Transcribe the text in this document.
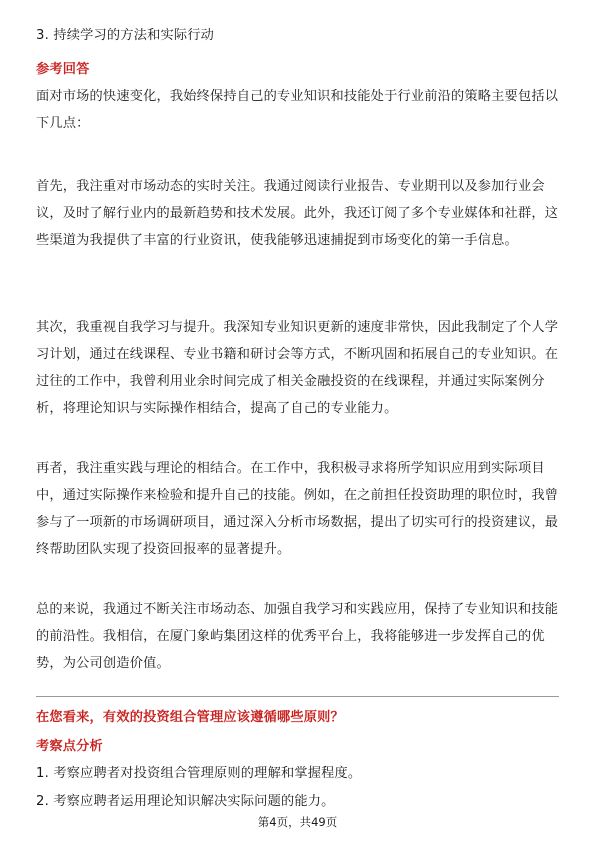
3. 持续学习的方法和实际行动

参考回答

面对市场的快速变化，我始终保持自己的专业知识和技能处于行业前沿的策略主要包括以下几点：

首先，我注重对市场动态的实时关注。我通过阅读行业报告、专业期刊以及参加行业会议，及时了解行业内的最新趋势和技术发展。此外，我还订阅了多个专业媒体和社群，这些渠道为我提供了丰富的行业资讯，使我能够迅速捕捉到市场变化的第一手信息。

其次，我重视自我学习与提升。我深知专业知识更新的速度非常快，因此我制定了个人学习计划，通过在线课程、专业书籍和研讨会等方式，不断巩固和拓展自己的专业知识。在过往的工作中，我曾利用业余时间完成了相关金融投资的在线课程，并通过实际案例分析，将理论知识与实际操作相结合，提高了自己的专业能力。

再者，我注重实践与理论的相结合。在工作中，我积极寻求将所学知识应用到实际项目中，通过实际操作来检验和提升自己的技能。例如，在之前担任投资助理的职位时，我曾参与了一项新的市场调研项目，通过深入分析市场数据，提出了切实可行的投资建议，最终帮助团队实现了投资回报率的显著提升。

总的来说，我通过不断关注市场动态、加强自我学习和实践应用，保持了专业知识和技能的前沿性。我相信，在厦门象屿集团这样的优秀平台上，我将能够进一步发挥自己的优势，为公司创造价值。

在您看来，有效的投资组合管理应该遵循哪些原则？

考察点分析

1. 考察应聘者对投资组合管理原则的理解和掌握程度。

2. 考察应聘者运用理论知识解决实际问题的能力。

第4页，共49页
